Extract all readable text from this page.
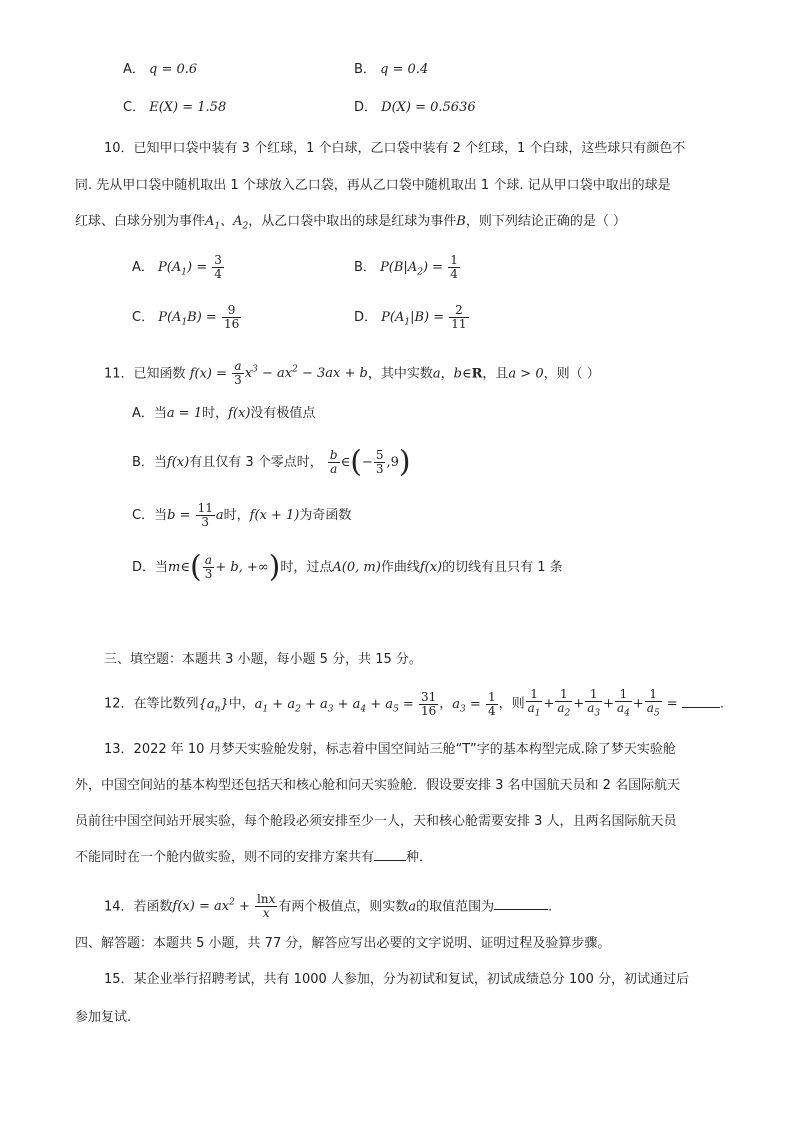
A． q = 0.6	B． q = 0.4
C． E(X) = 1.58	D． D(X) = 0.5636
10．已知甲口袋中装有 3 个红球，1 个白球，乙口袋中装有 2 个红球，1 个白球，这些球只有颜色不
同. 先从甲口袋中随机取出 1 个球放入乙口袋，再从乙口袋中随机取出 1 个球. 记从甲口袋中取出的球是
红球、白球分别为事件$A_1$、$A_2$，从乙口袋中取出的球是红球为事件B，则下列结论正确的是（ ）
A． $P(A_1) = \frac{3}{4}$	B． $P(B|A_2) = \frac{1}{4}$
C． $P(A_1B) = \frac{9}{16}$	D． $P(A_1|B) = \frac{2}{11}$
11．已知函数 $f(x) = \frac{a}{3} x^3 - ax^2 - 3ax + b$，其中实数a，b∈R，且a > 0，则（ ）
A．当a = 1时，f(x)没有极值点
B．当f(x)有且仅有 3 个零点时， $\frac{b}{a}$ ∈(− $\frac{5}{3} ,9$)
C．当$b = \frac{11}{3}$ a时，f(x + 1)为奇函数
D．当m∈( $\frac{a}{3} + b$, +∞)时，过点A(0, m)作曲线f(x)的切线有且只有 1 条
三、填空题：本题共 3 小题，每小题 5 分，共 15 分。
12．在等比数列$\{a_n\}$中，$a_1 + a_2 + a_3 + a_4 + a_5 = \frac{31}{16}$ ，$a_3 = \frac{1}{4}$ ，则 $\frac{1}{a_1} + \frac{1}{a_2} + \frac{1}{a_3} + \frac{1}{a_4} + \frac{1}{a_5}$ =	.
13．2022 年 10 月梦天实验舱发射，标志着中国空间站三舱“T”字的基本构型完成.除了梦天实验舱
外，中国空间站的基本构型还包括天和核心舱和问天实验舱．假设要安排 3 名中国航天员和 2 名国际航天
员前往中国空间站开展实验，每个舱段必须安排至少一人，天和核心舱需要安排 3 人，且两名国际航天员
不能同时在一个舱内做实验，则不同的安排方案共有 种．
14．若函数$f(x) = ax^2 + \frac{\ln x}{x}$ 有两个极值点，则实数a的取值范围为	.
四、解答题：本题共 5 小题，共 77 分，解答应写出必要的文字说明、证明过程及验算步骤。
15．某企业举行招聘考试，共有 1000 人参加，分为初试和复试，初试成绩总分 100 分，初试通过后
参加复试.
